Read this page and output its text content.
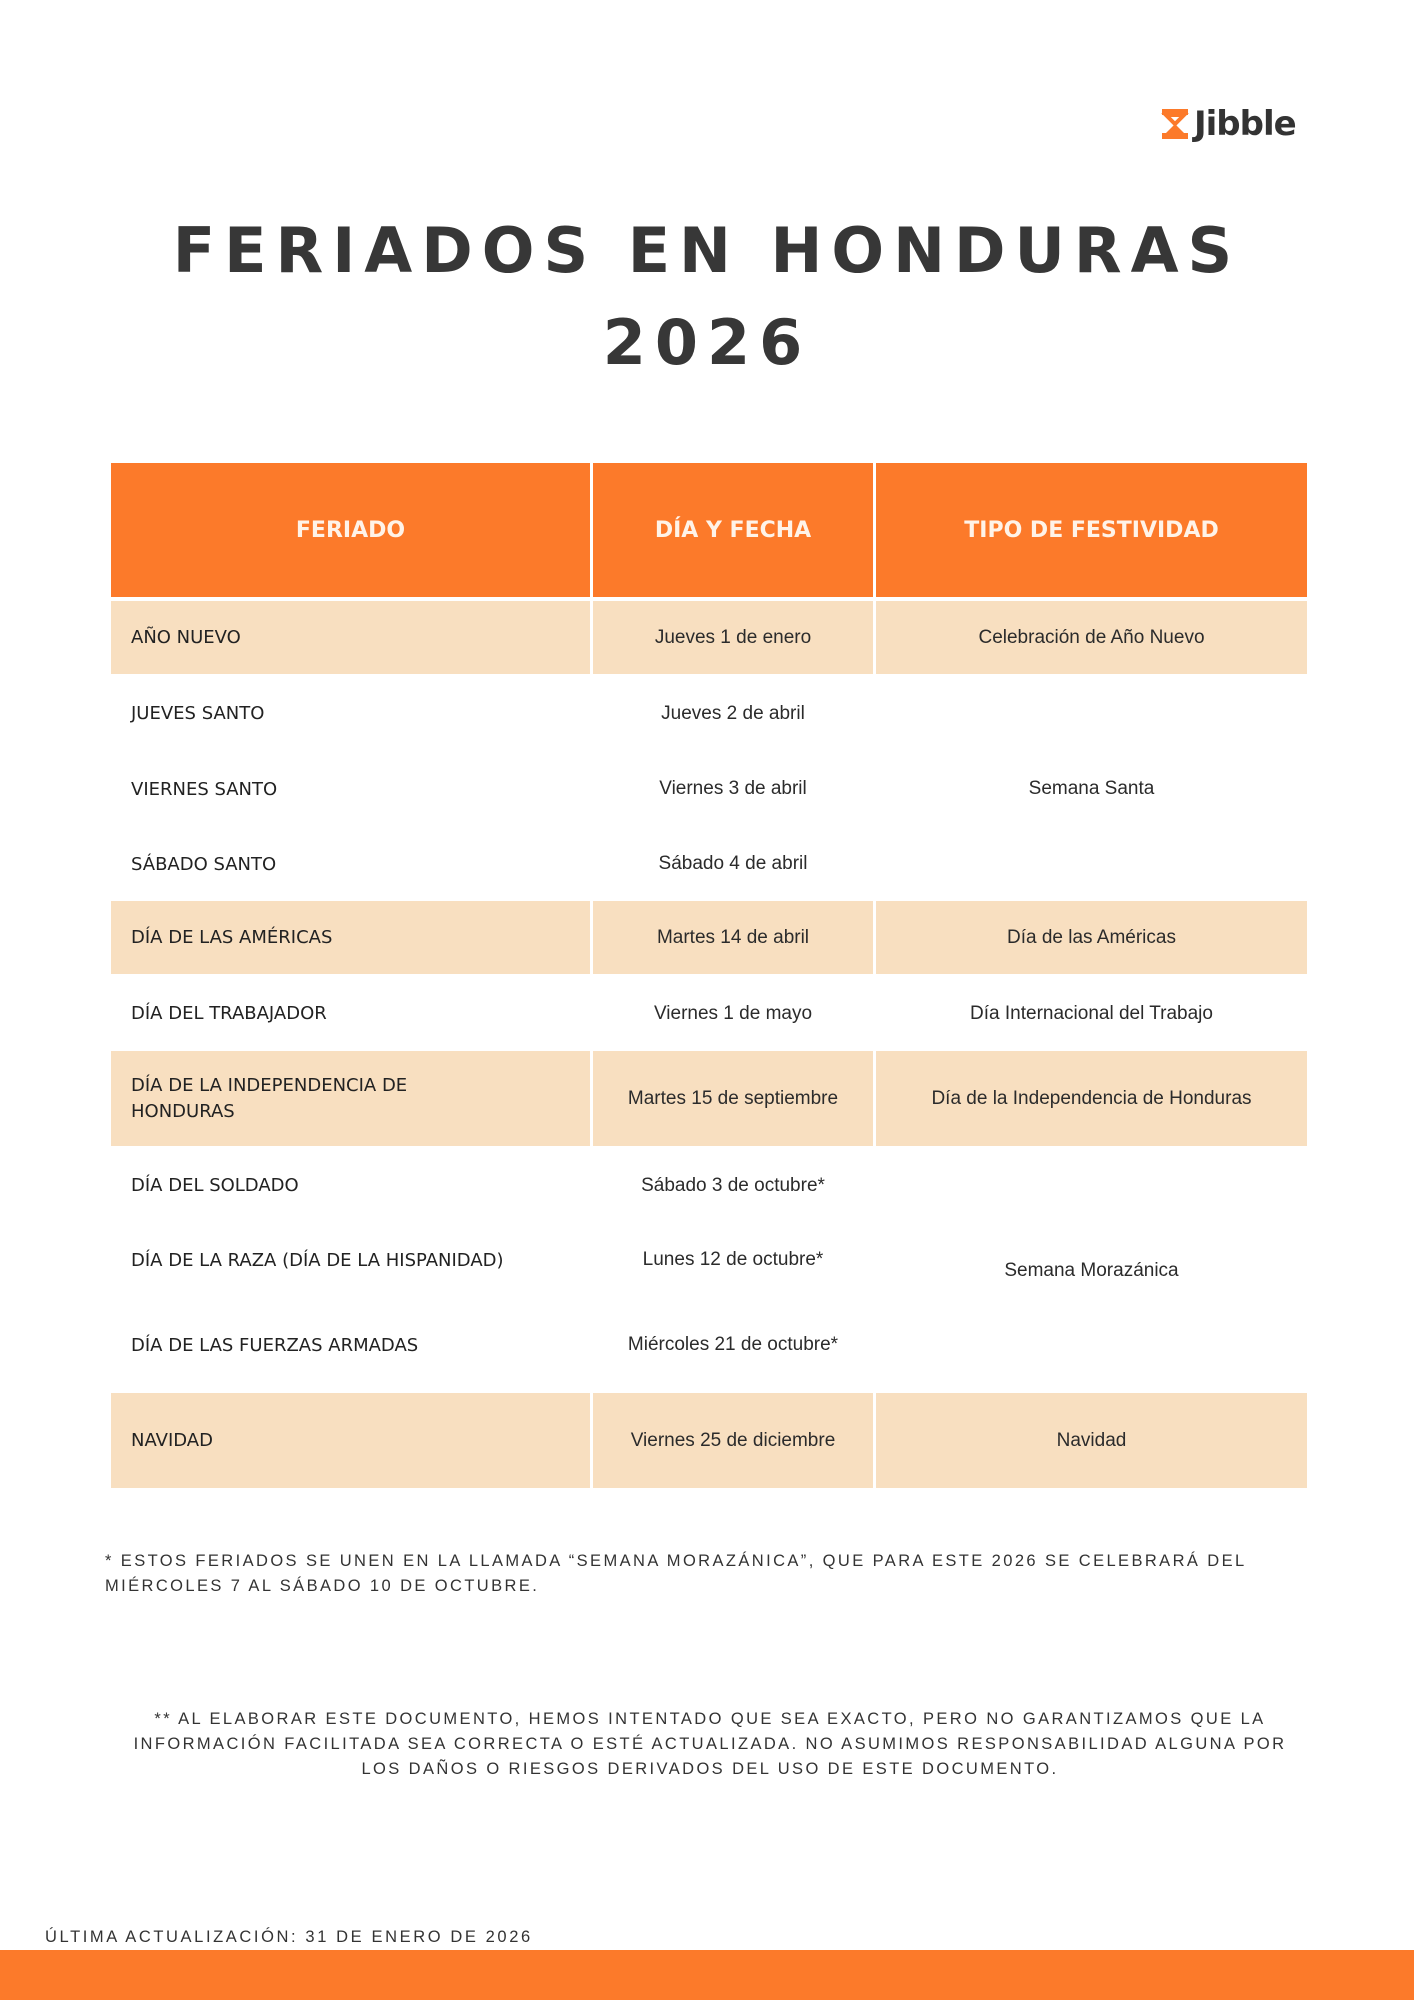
Jibble
FERIADOS EN HONDURAS
2026
FERIADO	DÍA Y FECHA	TIPO DE FESTIVIDAD
AÑO NUEVO	Jueves 1 de enero	Celebración de Año Nuevo
JUEVES SANTO	Jueves 2 de abril	Semana Santa
VIERNES SANTO	Viernes 3 de abril	
SÁBADO SANTO	Sábado 4 de abril	
DÍA DE LAS AMÉRICAS	Martes 14 de abril	Día de las Américas
DÍA DEL TRABAJADOR	Viernes 1 de mayo	Día Internacional del Trabajo
DÍA DE LA INDEPENDENCIA DE HONDURAS	Martes 15 de septiembre	Día de la Independencia de Honduras
DÍA DEL SOLDADO	Sábado 3 de octubre*	Semana Morazánica
DÍA DE LA RAZA (DÍA DE LA HISPANIDAD)	Lunes 12 de octubre*	
DÍA DE LAS FUERZAS ARMADAS	Miércoles 21 de octubre*	
NAVIDAD	Viernes 25 de diciembre	Navidad
* ESTOS FERIADOS SE UNEN EN LA LLAMADA “SEMANA MORAZÁNICA”, QUE PARA ESTE 2026 SE CELEBRARÁ DEL MIÉRCOLES 7 AL SÁBADO 10 DE OCTUBRE.
** AL ELABORAR ESTE DOCUMENTO, HEMOS INTENTADO QUE SEA EXACTO, PERO NO GARANTIZAMOS QUE LA INFORMACIÓN FACILITADA SEA CORRECTA O ESTÉ ACTUALIZADA. NO ASUMIMOS RESPONSABILIDAD ALGUNA POR LOS DAÑOS O RIESGOS DERIVADOS DEL USO DE ESTE DOCUMENTO.
ÚLTIMA ACTUALIZACIÓN: 31 DE ENERO DE 2026
